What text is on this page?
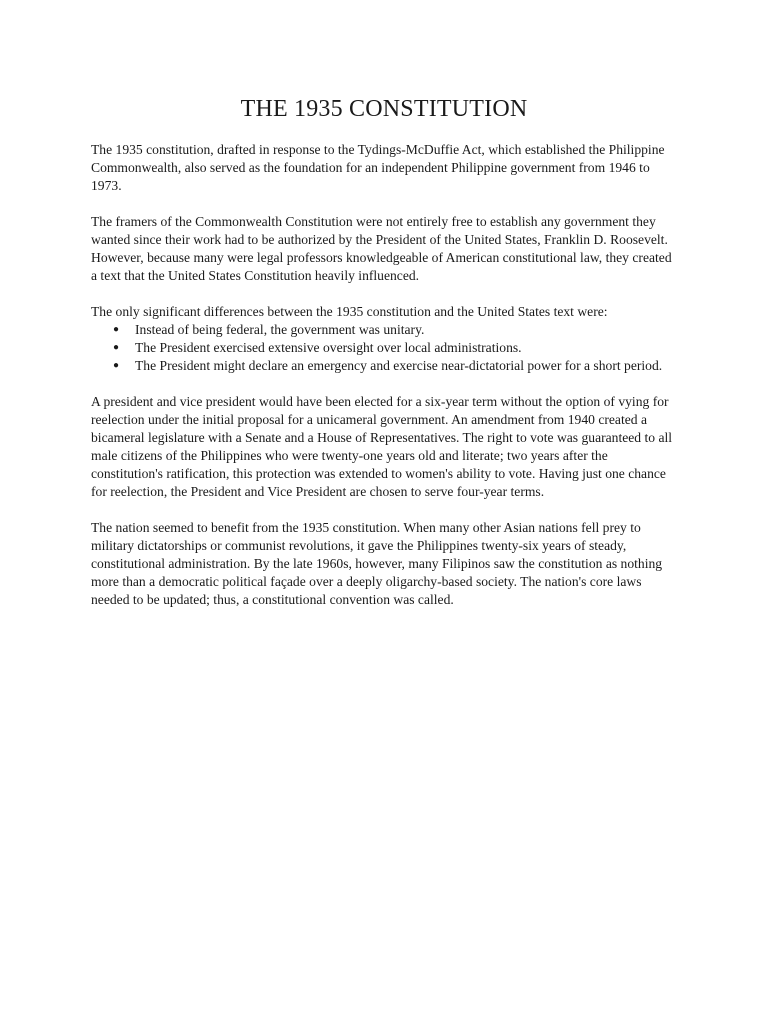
THE 1935 CONSTITUTION

The 1935 constitution, drafted in response to the Tydings-McDuffie Act, which established the Philippine Commonwealth, also served as the foundation for an independent Philippine government from 1946 to 1973.

The framers of the Commonwealth Constitution were not entirely free to establish any government they wanted since their work had to be authorized by the President of the United States, Franklin D. Roosevelt. However, because many were legal professors knowledgeable of American constitutional law, they created a text that the United States Constitution heavily influenced.

The only significant differences between the 1935 constitution and the United States text were:

● Instead of being federal, the government was unitary.
● The President exercised extensive oversight over local administrations.
● The President might declare an emergency and exercise near-dictatorial power for a short period.

A president and vice president would have been elected for a six-year term without the option of vying for reelection under the initial proposal for a unicameral government. An amendment from 1940 created a bicameral legislature with a Senate and a House of Representatives. The right to vote was guaranteed to all male citizens of the Philippines who were twenty-one years old and literate; two years after the constitution's ratification, this protection was extended to women's ability to vote. Having just one chance for reelection, the President and Vice President are chosen to serve four-year terms.

The nation seemed to benefit from the 1935 constitution. When many other Asian nations fell prey to military dictatorships or communist revolutions, it gave the Philippines twenty-six years of steady, constitutional administration. By the late 1960s, however, many Filipinos saw the constitution as nothing more than a democratic political façade over a deeply oligarchy-based society. The nation's core laws needed to be updated; thus, a constitutional convention was called.
